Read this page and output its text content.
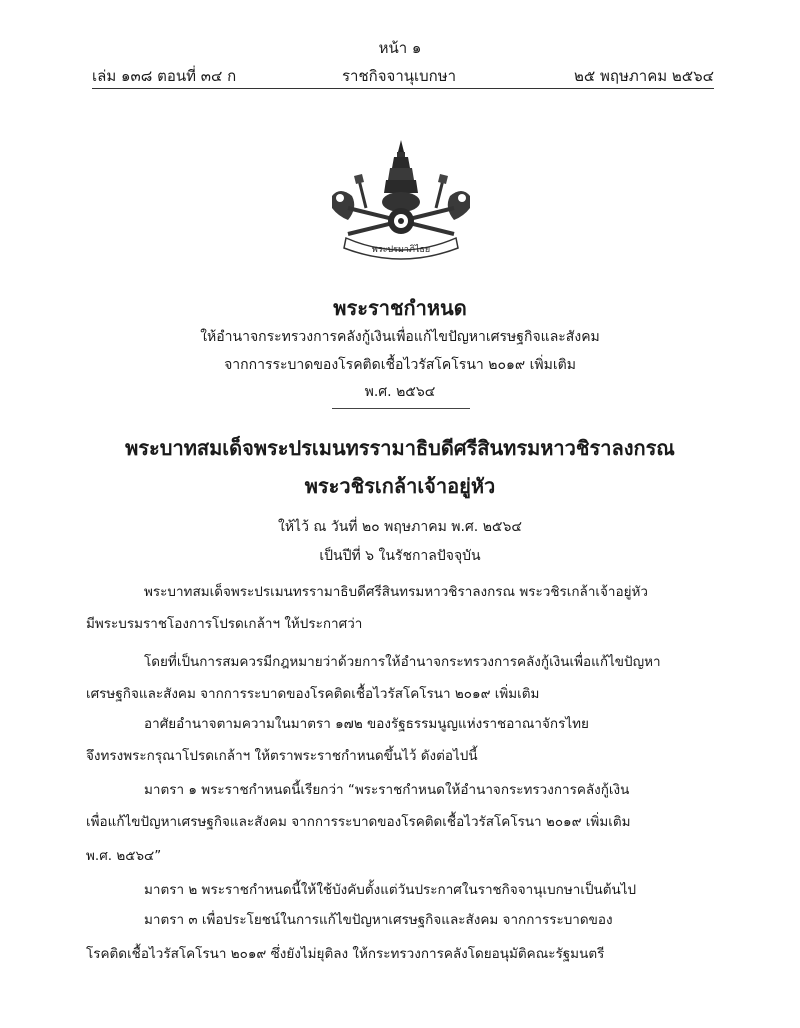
หน้า ๑
เล่ม ๑๓๘ ตอนที่ ๓๔ ก	ราชกิจจานุเบกษา	๒๕ พฤษภาคม ๒๕๖๔
พระปรมาภิไธย
พระราชกำหนด
ให้อำนาจกระทรวงการคลังกู้เงินเพื่อแก้ไขปัญหาเศรษฐกิจและสังคม
จากการระบาดของโรคติดเชื้อไวรัสโคโรนา ๒๐๑๙ เพิ่มเติม
พ.ศ. ๒๕๖๔
พระบาทสมเด็จพระปรเมนทรรามาธิบดีศรีสินทรมหาวชิราลงกรณ
พระวชิรเกล้าเจ้าอยู่หัว
ให้ไว้ ณ วันที่ ๒๐ พฤษภาคม พ.ศ. ๒๕๖๔
เป็นปีที่ ๖ ในรัชกาลปัจจุบัน
พระบาทสมเด็จพระปรเมนทรรามาธิบดีศรีสินทรมหาวชิราลงกรณ พระวชิรเกล้าเจ้าอยู่หัว
มีพระบรมราชโองการโปรดเกล้าฯ ให้ประกาศว่า
โดยที่เป็นการสมควรมีกฎหมายว่าด้วยการให้อำนาจกระทรวงการคลังกู้เงินเพื่อแก้ไขปัญหา
เศรษฐกิจและสังคม จากการระบาดของโรคติดเชื้อไวรัสโคโรนา ๒๐๑๙ เพิ่มเติม
อาศัยอำนาจตามความในมาตรา ๑๗๒ ของรัฐธรรมนูญแห่งราชอาณาจักรไทย
จึงทรงพระกรุณาโปรดเกล้าฯ ให้ตราพระราชกำหนดขึ้นไว้ ดังต่อไปนี้
มาตรา ๑ พระราชกำหนดนี้เรียกว่า “พระราชกำหนดให้อำนาจกระทรวงการคลังกู้เงิน
เพื่อแก้ไขปัญหาเศรษฐกิจและสังคม จากการระบาดของโรคติดเชื้อไวรัสโคโรนา ๒๐๑๙ เพิ่มเติม
พ.ศ. ๒๕๖๔”
มาตรา ๒ พระราชกำหนดนี้ให้ใช้บังคับตั้งแต่วันประกาศในราชกิจจานุเบกษาเป็นต้นไป
มาตรา ๓ เพื่อประโยชน์ในการแก้ไขปัญหาเศรษฐกิจและสังคม จากการระบาดของ
โรคติดเชื้อไวรัสโคโรนา ๒๐๑๙ ซึ่งยังไม่ยุติลง ให้กระทรวงการคลังโดยอนุมัติคณะรัฐมนตรี
